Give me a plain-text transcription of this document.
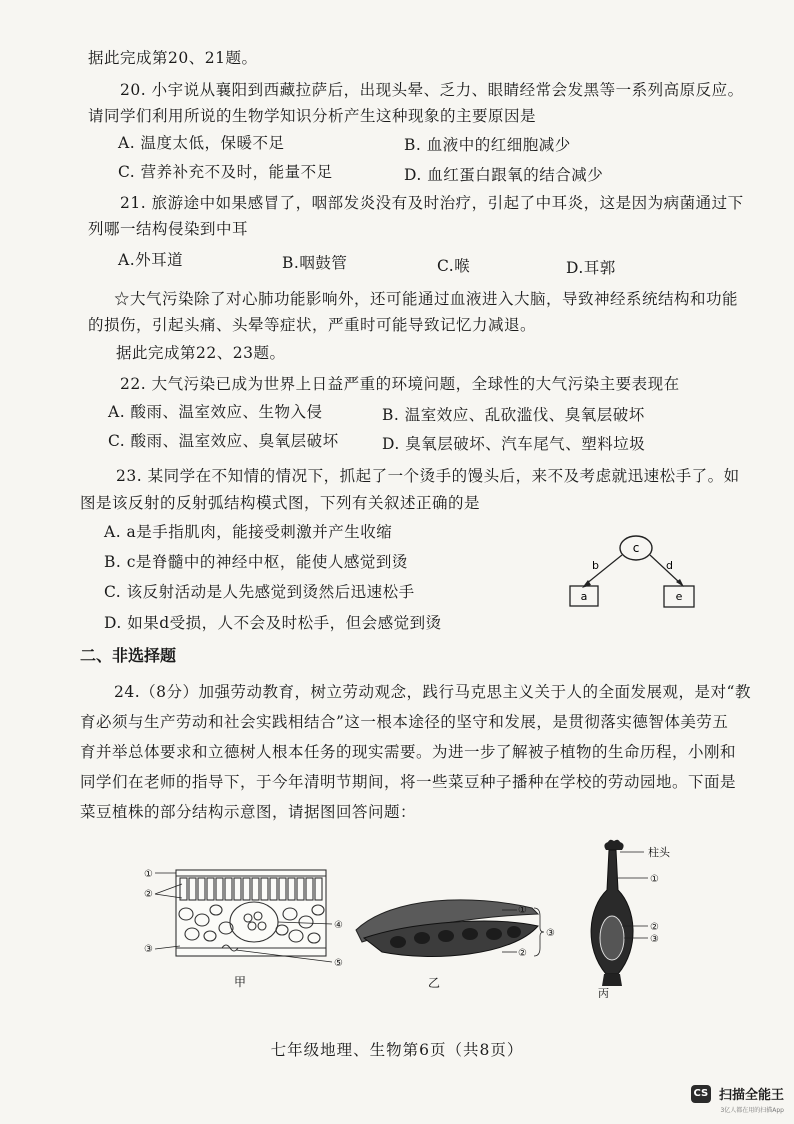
据此完成第20、21题。
20. 小宇说从襄阳到西藏拉萨后，出现头晕、乏力、眼睛经常会发黑等一系列高原反应。
请同学们利用所说的生物学知识分析产生这种现象的主要原因是
A. 温度太低，保暖不足	B. 血液中的红细胞减少
C. 营养补充不及时，能量不足	D. 血红蛋白跟氧的结合减少
21. 旅游途中如果感冒了，咽部发炎没有及时治疗，引起了中耳炎，这是因为病菌通过下
列哪一结构侵染到中耳
A.外耳道	B.咽鼓管	C.喉	D.耳郭
☆大气污染除了对心肺功能影响外，还可能通过血液进入大脑，导致神经系统结构和功能
的损伤，引起头痛、头晕等症状，严重时可能导致记忆力减退。
据此完成第22、23题。
22. 大气污染已成为世界上日益严重的环境问题，全球性的大气污染主要表现在
A. 酸雨、温室效应、生物入侵	B. 温室效应、乱砍滥伐、臭氧层破坏
C. 酸雨、温室效应、臭氧层破坏	D. 臭氧层破坏、汽车尾气、塑料垃圾
23. 某同学在不知情的情况下，抓起了一个烫手的馒头后，来不及考虑就迅速松手了。如
图是该反射的反射弧结构模式图，下列有关叙述正确的是
A. a是手指肌肉，能接受刺激并产生收缩
B. c是脊髓中的神经中枢，能使人感觉到烫
C. 该反射活动是人先感觉到烫然后迅速松手
D. 如果d受损，人不会及时松手，但会感觉到烫
c
b	d
a	e
二、非选择题
24.（8分）加强劳动教育，树立劳动观念，践行马克思主义关于人的全面发展观，是对“教
育必须与生产劳动和社会实践相结合”这一根本途径的坚守和发展，是贯彻落实德智体美劳五
育并举总体要求和立德树人根本任务的现实需要。为进一步了解被子植物的生命历程，小刚和
同学们在老师的指导下，于今年清明节期间，将一些菜豆种子播种在学校的劳动园地。下面是
菜豆植株的部分结构示意图，请据图回答问题：
①
②
③
④
⑤
甲
①
②
③
乙
柱头
①
②
③
丙
七年级地理、生物第6页（共8页）
CS 扫描全能王
3亿人都在用的扫描App
